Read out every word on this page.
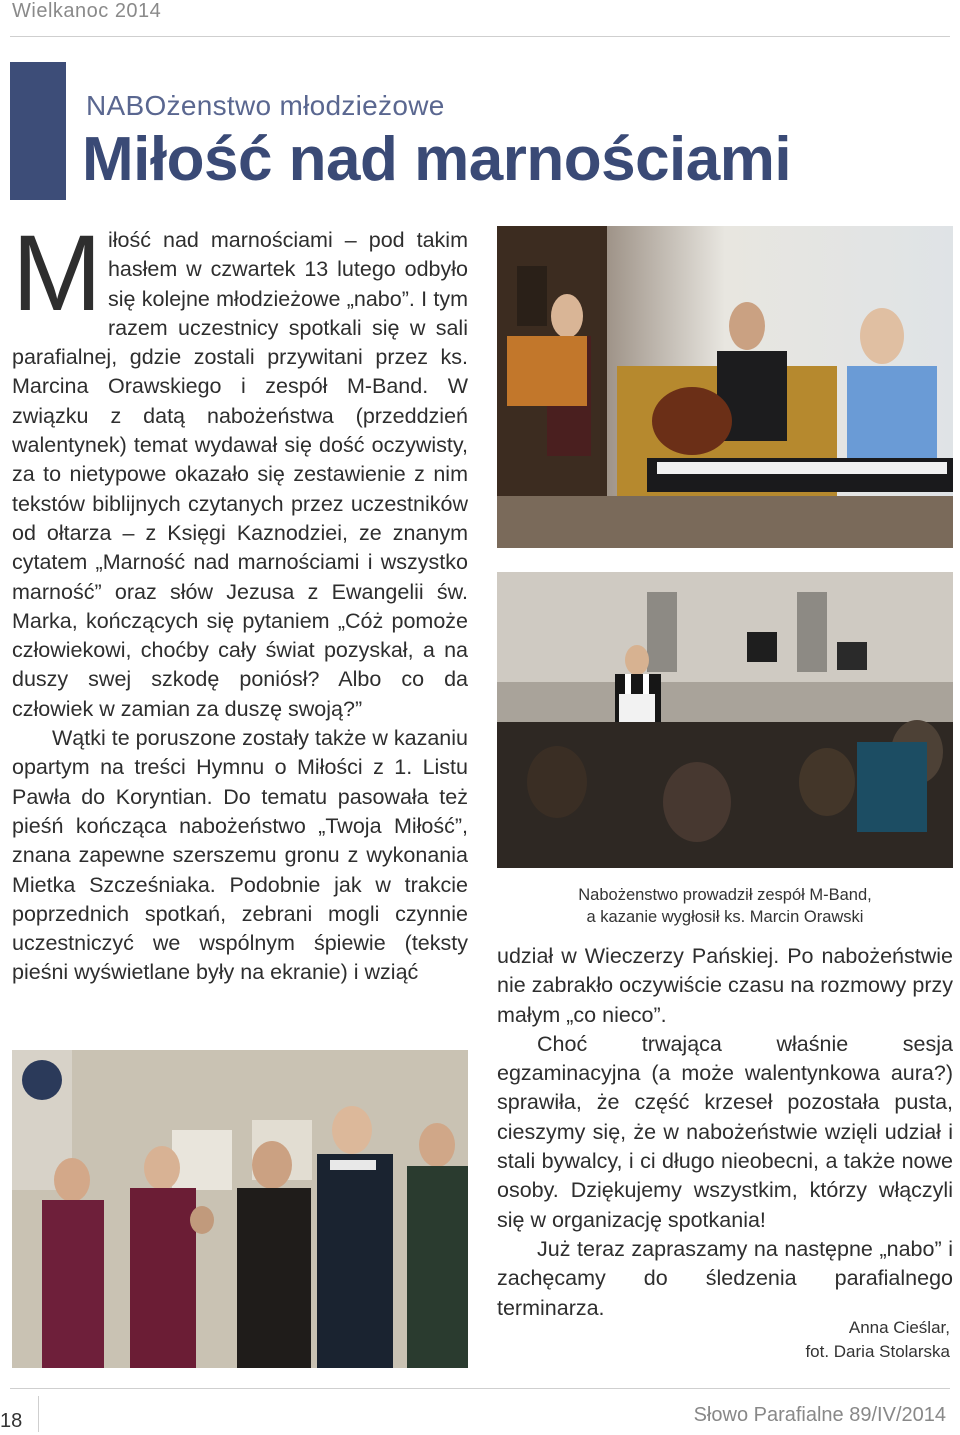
Wielkanoc 2014
NABOżenstwo młodzieżowe
Miłość nad marnościami

Miłość nad marnościami – pod takim hasłem w czwartek 13 lutego odbyło się kolejne młodzieżowe „nabo”. I tym razem uczestnicy spotkali się w sali parafialnej, gdzie zostali przywitani przez ks. Marcina Orawskiego i zespół M-Band. W związku z datą nabożeństwa (przeddzień walentynek) temat wydawał się dość oczywisty, za to nietypowe okazało się zestawienie z nim tekstów biblijnych czytanych przez uczestników od ołtarza – z Księgi Kaznodziei, ze znanym cytatem „Marność nad marnościami i wszystko marność” oraz słów Jezusa z Ewangelii św. Marka, kończących się pytaniem „Cóż pomoże człowiekowi, choćby cały świat pozyskał, a na duszy swej szkodę poniósł? Albo co da człowiek w zamian za duszę swoją?”

Wątki te poruszone zostały także w kazaniu opartym na treści Hymnu o Miłości z 1. Listu Pawła do Koryntian. Do tematu pasowała też pieśń kończąca nabożeństwo „Twoja Miłość”, znana zapewne szerszemu gronu z wykonania Mietka Szcześniaka. Podobnie jak w trakcie poprzednich spotkań, zebrani mogli czynnie uczestniczyć we wspólnym śpiewie (teksty pieśni wyświetlane były na ekranie) i wziąć

Nabożenstwo prowadził zespół M-Band,
a kazanie wygłosił ks. Marcin Orawski

udział w Wieczerzy Pańskiej. Po nabożeństwie nie zabrakło oczywiście czasu na rozmowy przy małym „co nieco”.

Choć trwająca właśnie sesja egzaminacyjna (a może walentynkowa aura?) sprawiła, że część krzeseł pozostała pusta, cieszymy się, że w nabożeństwie wzięli udział i stali bywalcy, i ci długo nieobecni, a także nowe osoby. Dziękujemy wszystkim, którzy włączyli się w organizację spotkania!

Już teraz zapraszamy na następne „nabo” i zachęcamy do śledzenia parafialnego terminarza.

Anna Cieślar,
fot. Daria Stolarska
18	Słowo Parafialne 89/IV/2014
